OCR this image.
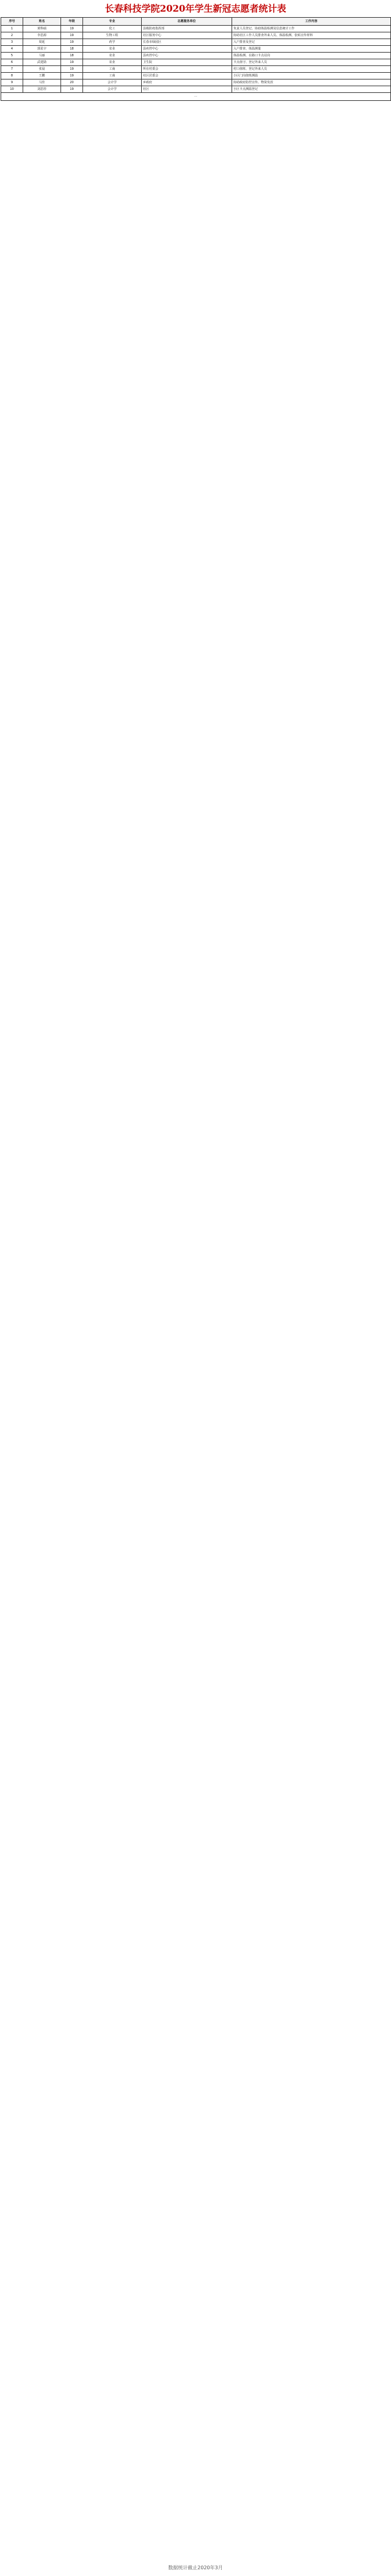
长春科技学院2020年学生新冠志愿者统计表
序号	姓名	年级	专业	志愿服务单位	工作内容
1	黄科硕	19	化工	县级防疫指挥部	负责人员登记、协助体温检测及信息统计工作
2	李思源	19	生物工程	社区服务中心	协助社区工作人员排查外来人员、体温检测、张贴宣传材料
3	周延	19	药学	长春市绿园区	入户排查及登记
4	郭星宇	18	农业	县疾控中心	入户排查、体温测量
5	马丽	18	农业	县疾控中心	体温检测、在路口卡点站岗
6	武建勋	19	农业	卫生院	卡点值守、登记外来人员
7	张晨	19	工商	所在村委会	村口值班、登记外来人员
8	王鹏	19	工商	社区居委会	小区门岗值班测温
9	马佳	20	会计学	乡政府	协助政府防控宣传、物资发放
10	刘思彤	19	会计学	社区	小区卡点测温登记
⋯					
数据统计截止2020年3月
